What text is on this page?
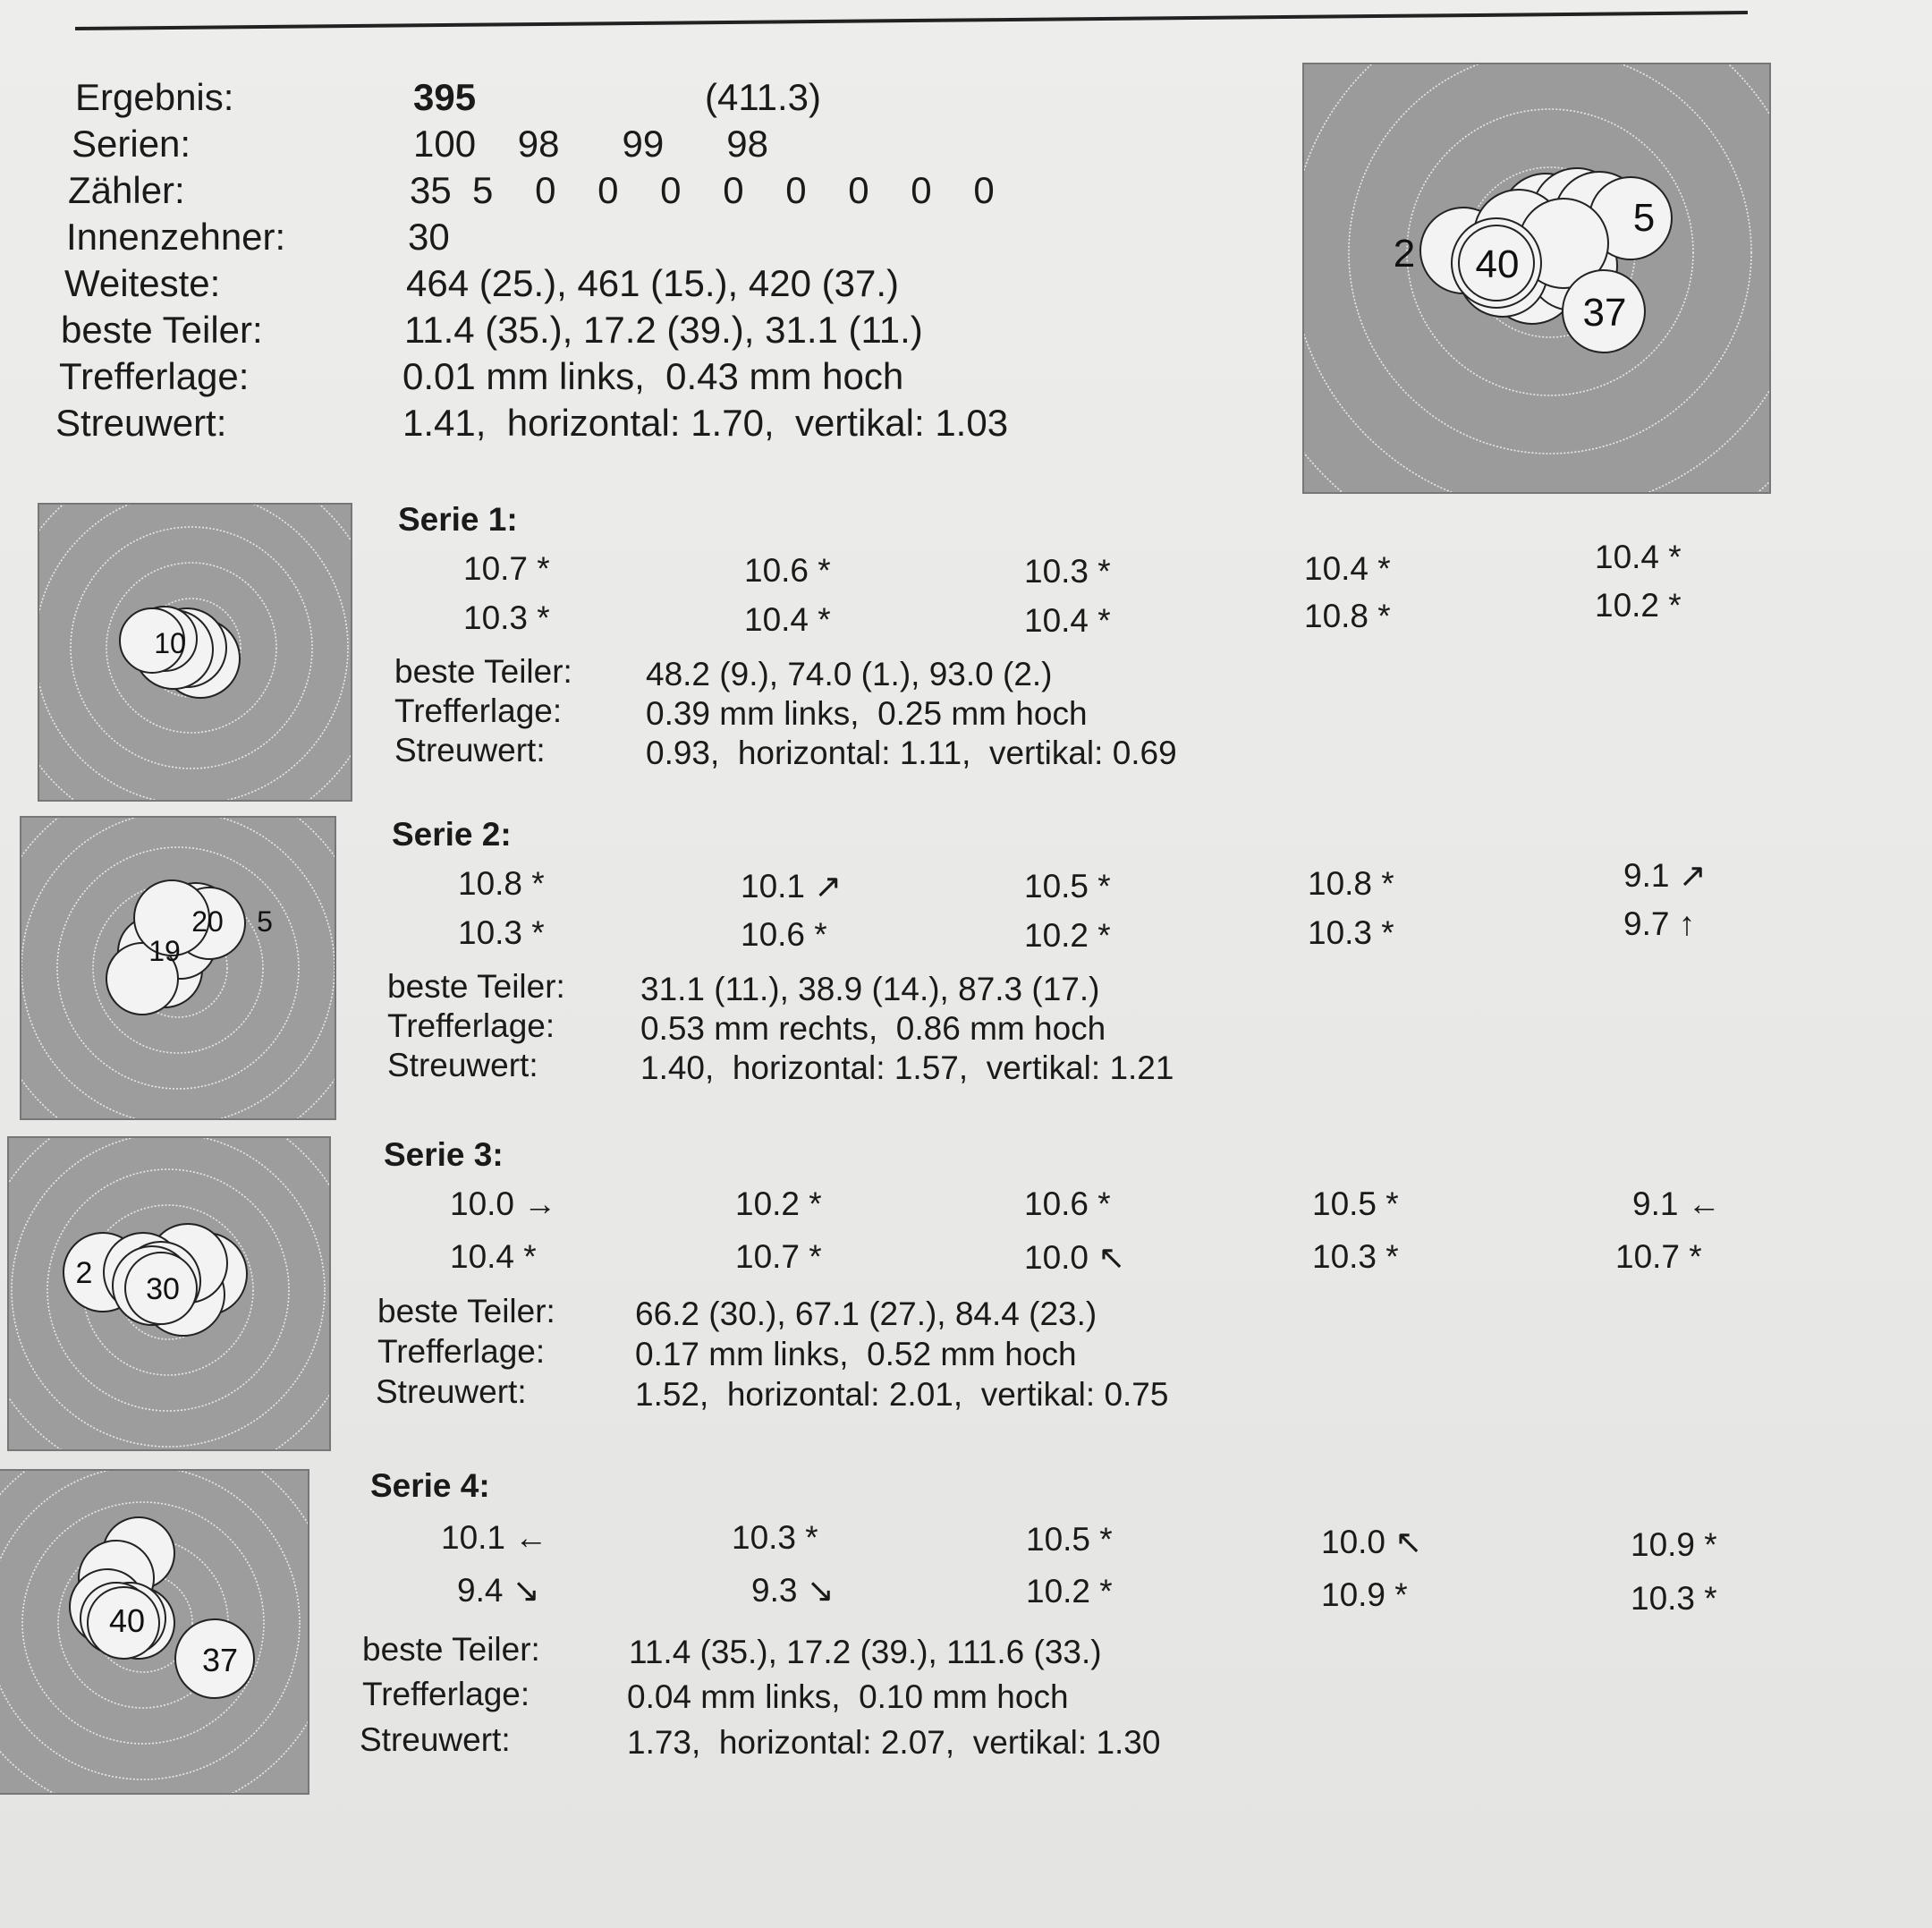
Ergebnis:	395	(411.3)
Serien:	100    98      99      98
Zähler:	35  5    0    0    0    0    0    0    0    0
Innenzehner:	30
Weiteste:	464 (25.), 461 (15.), 420 (37.)
beste Teiler:	11.4 (35.), 17.2 (39.), 31.1 (11.)
Trefferlage:	0.01 mm links,  0.43 mm hoch
Streuwert:	1.41,  horizontal: 1.70,  vertikal: 1.03
2 40
5
37
10
Serie 1:
10.7 *	10.6 *	10.3 *	10.4 *	10.4 *
10.3 *	10.4 *	10.4 *	10.8 *	10.2 *
beste Teiler: 48.2 (9.), 74.0 (1.), 93.0 (2.)
Trefferlage:	0.39 mm links,  0.25 mm hoch
Streuwert:	0.93,  horizontal: 1.11,  vertikal: 0.69
19
20 5
Serie 2:
10.8 *	10.1 ↗	10.5 *	10.8 *	9.1 ↗
10.3 *	10.6 *	10.2 *	10.3 *	9.7 ↑
beste Teiler: 31.1 (11.), 38.9 (14.), 87.3 (17.)
Trefferlage:	0.53 mm rechts,  0.86 mm hoch
Streuwert:	1.40,  horizontal: 1.57,  vertikal: 1.21
2 30
Serie 3:
10.0 →	10.2 *	10.6 *	10.5 *	9.1 ←
10.4 *	10.7 *	10.0 ↖	10.3 *	10.7 *
beste Teiler: 66.2 (30.), 67.1 (27.), 84.4 (23.)
Trefferlage:	0.17 mm links,  0.52 mm hoch
Streuwert:	1.52,  horizontal: 2.01,  vertikal: 0.75
40
37
Serie 4:
10.1 ←	10.3 *	10.5 *	10.0 ↖	10.9 *
9.4 ↘	9.3 ↘	10.2 *	10.9 *	10.3 *
beste Teiler:	11.4 (35.), 17.2 (39.), 111.6 (33.)
Trefferlage:	0.04 mm links,  0.10 mm hoch
Streuwert:	1.73,  horizontal: 2.07,  vertikal: 1.30
